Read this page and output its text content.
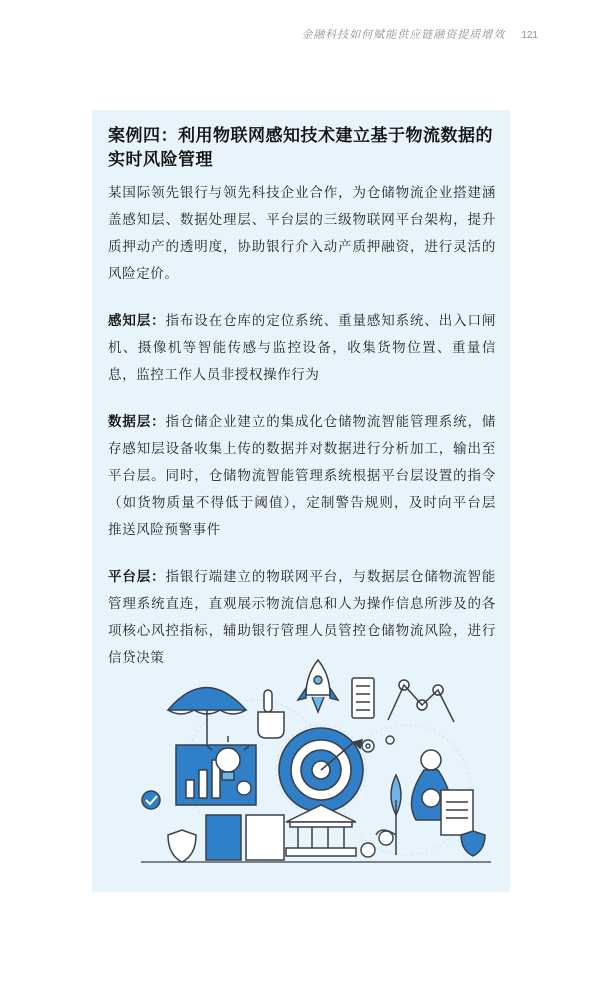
金融科技如何赋能供应链融资提质增效 121
案例四：利用物联网感知技术建立基于物流数据的实时风险管理

某国际领先银行与领先科技企业合作，为仓储物流企业搭建涵盖感知层、数据处理层、平台层的三级物联网平台架构，提升质押动产的透明度，协助银行介入动产质押融资，进行灵活的风险定价。

感知层：指布设在仓库的定位系统、重量感知系统、出入口闸机、摄像机等智能传感与监控设备，收集货物位置、重量信息，监控工作人员非授权操作行为

数据层：指仓储企业建立的集成化仓储物流智能管理系统，储存感知层设备收集上传的数据并对数据进行分析加工，输出至平台层。同时，仓储物流智能管理系统根据平台层设置的指令（如货物质量不得低于阈值），定制警告规则，及时向平台层推送风险预警事件

平台层：指银行端建立的物联网平台，与数据层仓储物流智能管理系统直连，直观展示物流信息和人为操作信息所涉及的各项核心风控指标，辅助银行管理人员管控仓储物流风险，进行信贷决策
